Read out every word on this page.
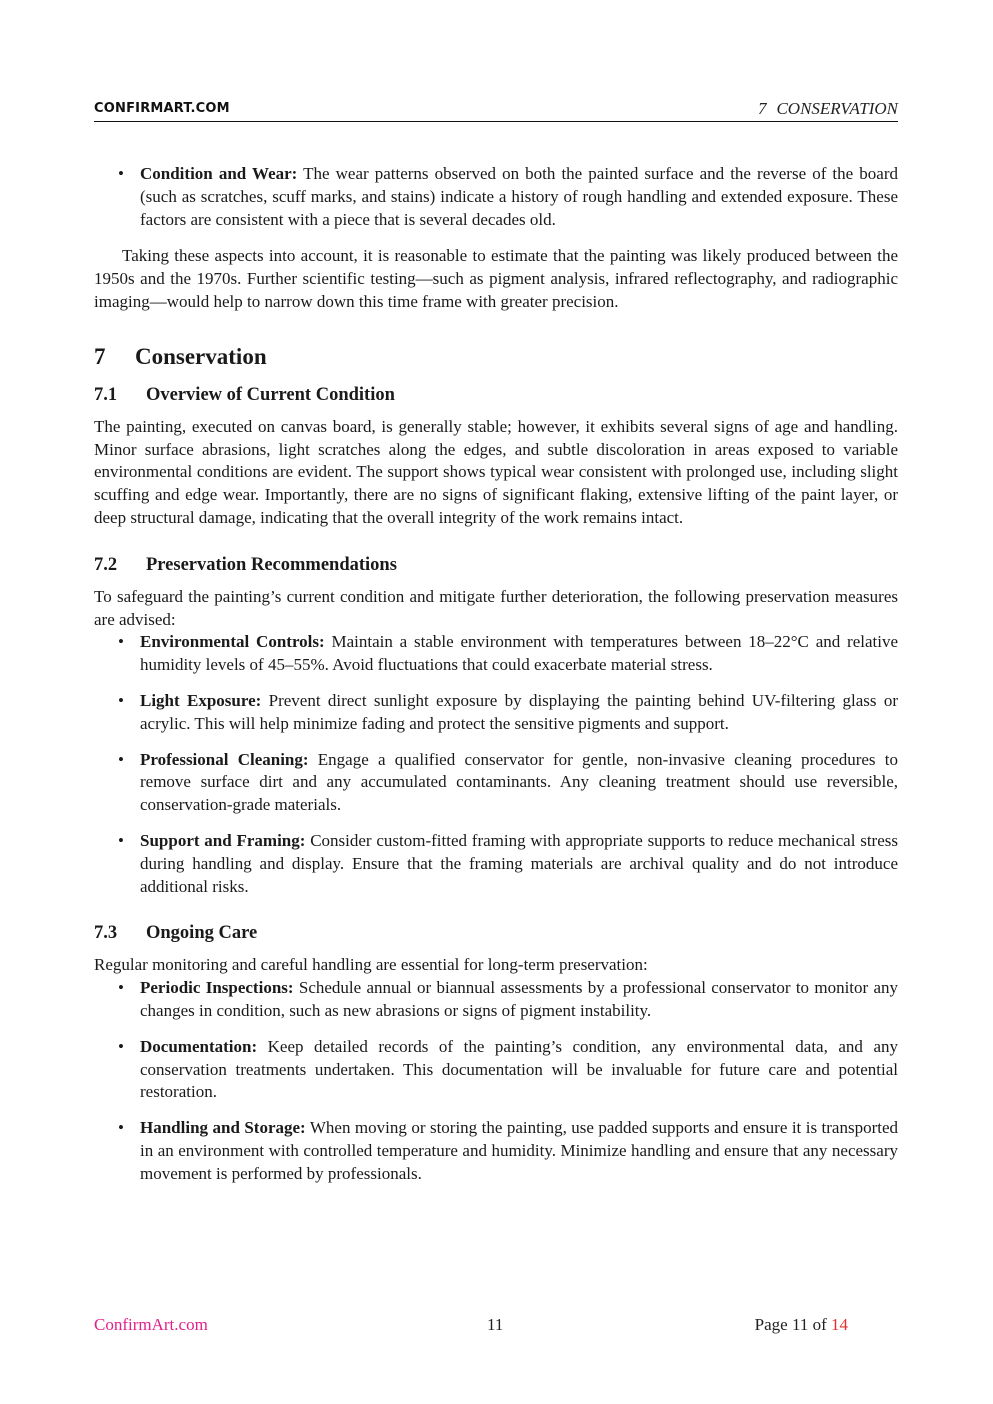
CONFIRMART.COM	7 CONSERVATION
• Condition and Wear: The wear patterns observed on both the painted surface and the reverse of the board (such as scratches, scuff marks, and stains) indicate a history of rough handling and extended exposure. These factors are consistent with a piece that is several decades old.

Taking these aspects into account, it is reasonable to estimate that the painting was likely produced between the 1950s and the 1970s. Further scientific testing—such as pigment analysis, infrared reflectography, and radiographic imaging—would help to narrow down this time frame with greater precision.

7 Conservation
7.1 Overview of Current Condition

The painting, executed on canvas board, is generally stable; however, it exhibits several signs of age and handling. Minor surface abrasions, light scratches along the edges, and subtle discoloration in areas exposed to variable environmental conditions are evident. The support shows typical wear consistent with prolonged use, including slight scuffing and edge wear. Importantly, there are no signs of significant flaking, extensive lifting of the paint layer, or deep structural damage, indicating that the overall integrity of the work remains intact.

7.2 Preservation Recommendations

To safeguard the painting’s current condition and mitigate further deterioration, the following preservation measures are advised:

• Environmental Controls: Maintain a stable environment with temperatures between 18–22°C and relative humidity levels of 45–55%. Avoid fluctuations that could exacerbate material stress.
• Light Exposure: Prevent direct sunlight exposure by displaying the painting behind UV-filtering glass or acrylic. This will help minimize fading and protect the sensitive pigments and support.
• Professional Cleaning: Engage a qualified conservator for gentle, non-invasive cleaning procedures to remove surface dirt and any accumulated contaminants. Any cleaning treatment should use reversible, conservation-grade materials.
• Support and Framing: Consider custom-fitted framing with appropriate supports to reduce mechanical stress during handling and display. Ensure that the framing materials are archival quality and do not introduce additional risks.
7.3 Ongoing Care

Regular monitoring and careful handling are essential for long-term preservation:

• Periodic Inspections: Schedule annual or biannual assessments by a professional conservator to monitor any changes in condition, such as new abrasions or signs of pigment instability.
• Documentation: Keep detailed records of the painting’s condition, any environmental data, and any conservation treatments undertaken. This documentation will be invaluable for future care and potential restoration.
• Handling and Storage: When moving or storing the painting, use padded supports and ensure it is transported in an environment with controlled temperature and humidity. Minimize handling and ensure that any necessary movement is performed by professionals.
ConfirmArt.com	11	Page 11 of 14
